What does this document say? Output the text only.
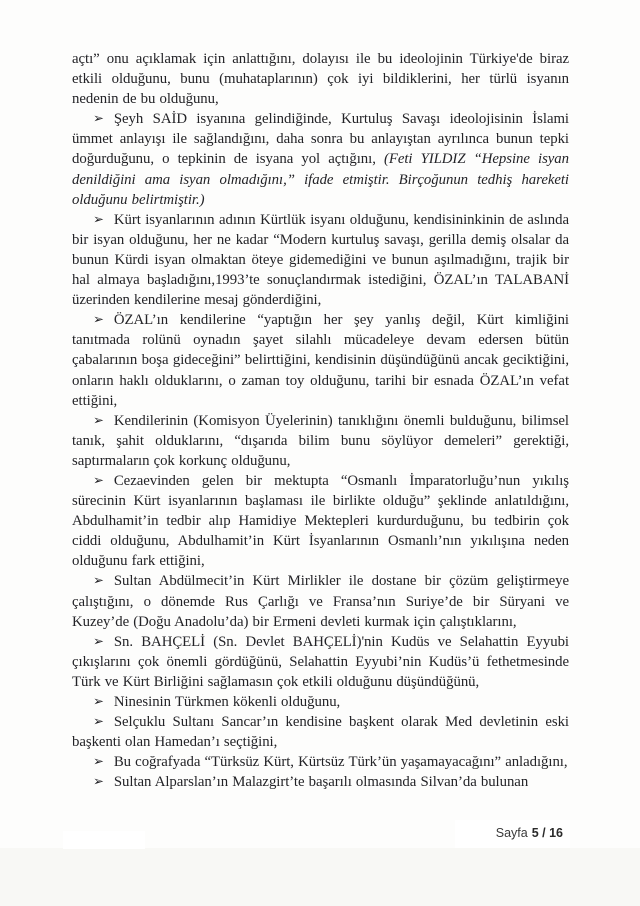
açtı” onu açıklamak için anlattığını, dolayısı ile bu ideolojinin Türkiye'de biraz etkili olduğunu, bunu (muhataplarının) çok iyi bildiklerini, her türlü isyanın nedenin de bu olduğunu,

➢ Şeyh SAİD isyanına gelindiğinde, Kurtuluş Savaşı ideolojisinin İslami ümmet anlayışı ile sağlandığını, daha sonra bu anlayıştan ayrılınca bunun tepki doğurduğunu, o tepkinin de isyana yol açtığını, (Feti YILDIZ “Hepsine isyan denildiğini ama isyan olmadığını,” ifade etmiştir. Birçoğunun tedhiş hareketi olduğunu belirtmiştir.)

➢ Kürt isyanlarının adının Kürtlük isyanı olduğunu, kendisininkinin de aslında bir isyan olduğunu, her ne kadar “Modern kurtuluş savaşı, gerilla demiş olsalar da bunun Kürdi isyan olmaktan öteye gidemediğini ve bunun aşılmadığını, trajik bir hal almaya başladığını,1993’te sonuçlandırmak istediğini, ÖZAL’ın TALABANİ üzerinden kendilerine mesaj gönderdiğini,

➢ ÖZAL’ın kendilerine “yaptığın her şey yanlış değil, Kürt kimliğini tanıtmada rolünü oynadın şayet silahlı mücadeleye devam edersen bütün çabalarının boşa gideceğini” belirttiğini, kendisinin düşündüğünü ancak geciktiğini, onların haklı olduklarını, o zaman toy olduğunu, tarihi bir esnada ÖZAL’ın vefat ettiğini,

➢ Kendilerinin (Komisyon Üyelerinin) tanıklığını önemli bulduğunu, bilimsel tanık, şahit olduklarını, “dışarıda bilim bunu söylüyor demeleri” gerektiği, saptırmaların çok korkunç olduğunu,

➢ Cezaevinden gelen bir mektupta “Osmanlı İmparatorluğu’nun yıkılış sürecinin Kürt isyanlarının başlaması ile birlikte olduğu” şeklinde anlatıldığını, Abdulhamit’in tedbir alıp Hamidiye Mektepleri kurdurduğunu, bu tedbirin çok ciddi olduğunu, Abdulhamit’in Kürt İsyanlarının Osmanlı’nın yıkılışına neden olduğunu fark ettiğini,

➢ Sultan Abdülmecit’in Kürt Mirlikler ile dostane bir çözüm geliştirmeye çalıştığını, o dönemde Rus Çarlığı ve Fransa’nın Suriye’de bir Süryani ve Kuzey’de (Doğu Anadolu’da) bir Ermeni devleti kurmak için çalıştıklarını,

➢ Sn. BAHÇELİ (Sn. Devlet BAHÇELİ)'nin Kudüs ve Selahattin Eyyubi çıkışlarını çok önemli gördüğünü, Selahattin Eyyubi’nin Kudüs’ü fethetmesinde Türk ve Kürt Birliğini sağlamasın çok etkili olduğunu düşündüğünü,

➢ Ninesinin Türkmen kökenli olduğunu,

➢ Selçuklu Sultanı Sancar’ın kendisine başkent olarak Med devletinin eski başkenti olan Hamedan’ı seçtiğini,

➢ Bu coğrafyada “Türksüz Kürt, Kürtsüz Türk’ün yaşamayacağını” anladığını,

➢ Sultan Alparslan’ın Malazgirt’te başarılı olmasında Silvan’da bulunan

Sayfa 5 / 16
